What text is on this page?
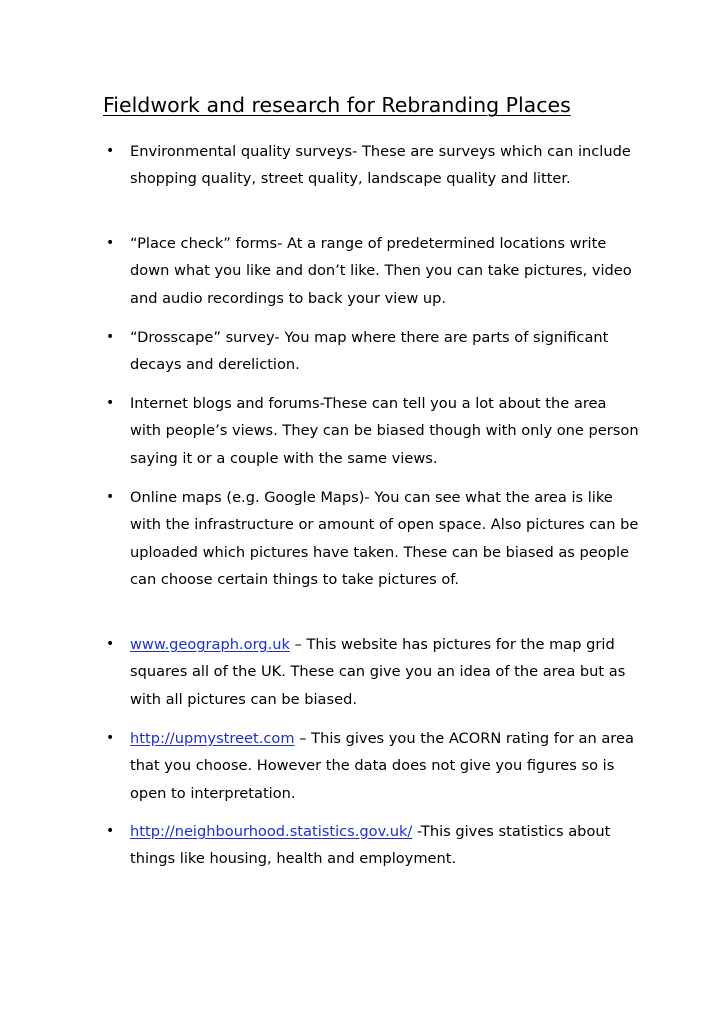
Fieldwork and research for Rebranding Places
• Environmental quality surveys- These are surveys which can include shopping quality, street quality, landscape quality and litter.
• “Place check” forms- At a range of predetermined locations write down what you like and don’t like. Then you can take pictures, video and audio recordings to back your view up.
• “Drosscape” survey- You map where there are parts of significant decays and dereliction.
• Internet blogs and forums-These can tell you a lot about the area with people’s views. They can be biased though with only one person saying it or a couple with the same views.
• Online maps (e.g. Google Maps)- You can see what the area is like with the infrastructure or amount of open space. Also pictures can be uploaded which pictures have taken. These can be biased as people can choose certain things to take pictures of.
• www.geograph.org.uk – This website has pictures for the map grid squares all of the UK. These can give you an idea of the area but as with all pictures can be biased.
• http://upmystreet.com – This gives you the ACORN rating for an area that you choose. However the data does not give you figures so is open to interpretation.
• http://neighbourhood.statistics.gov.uk/ -This gives statistics about things like housing, health and employment.
